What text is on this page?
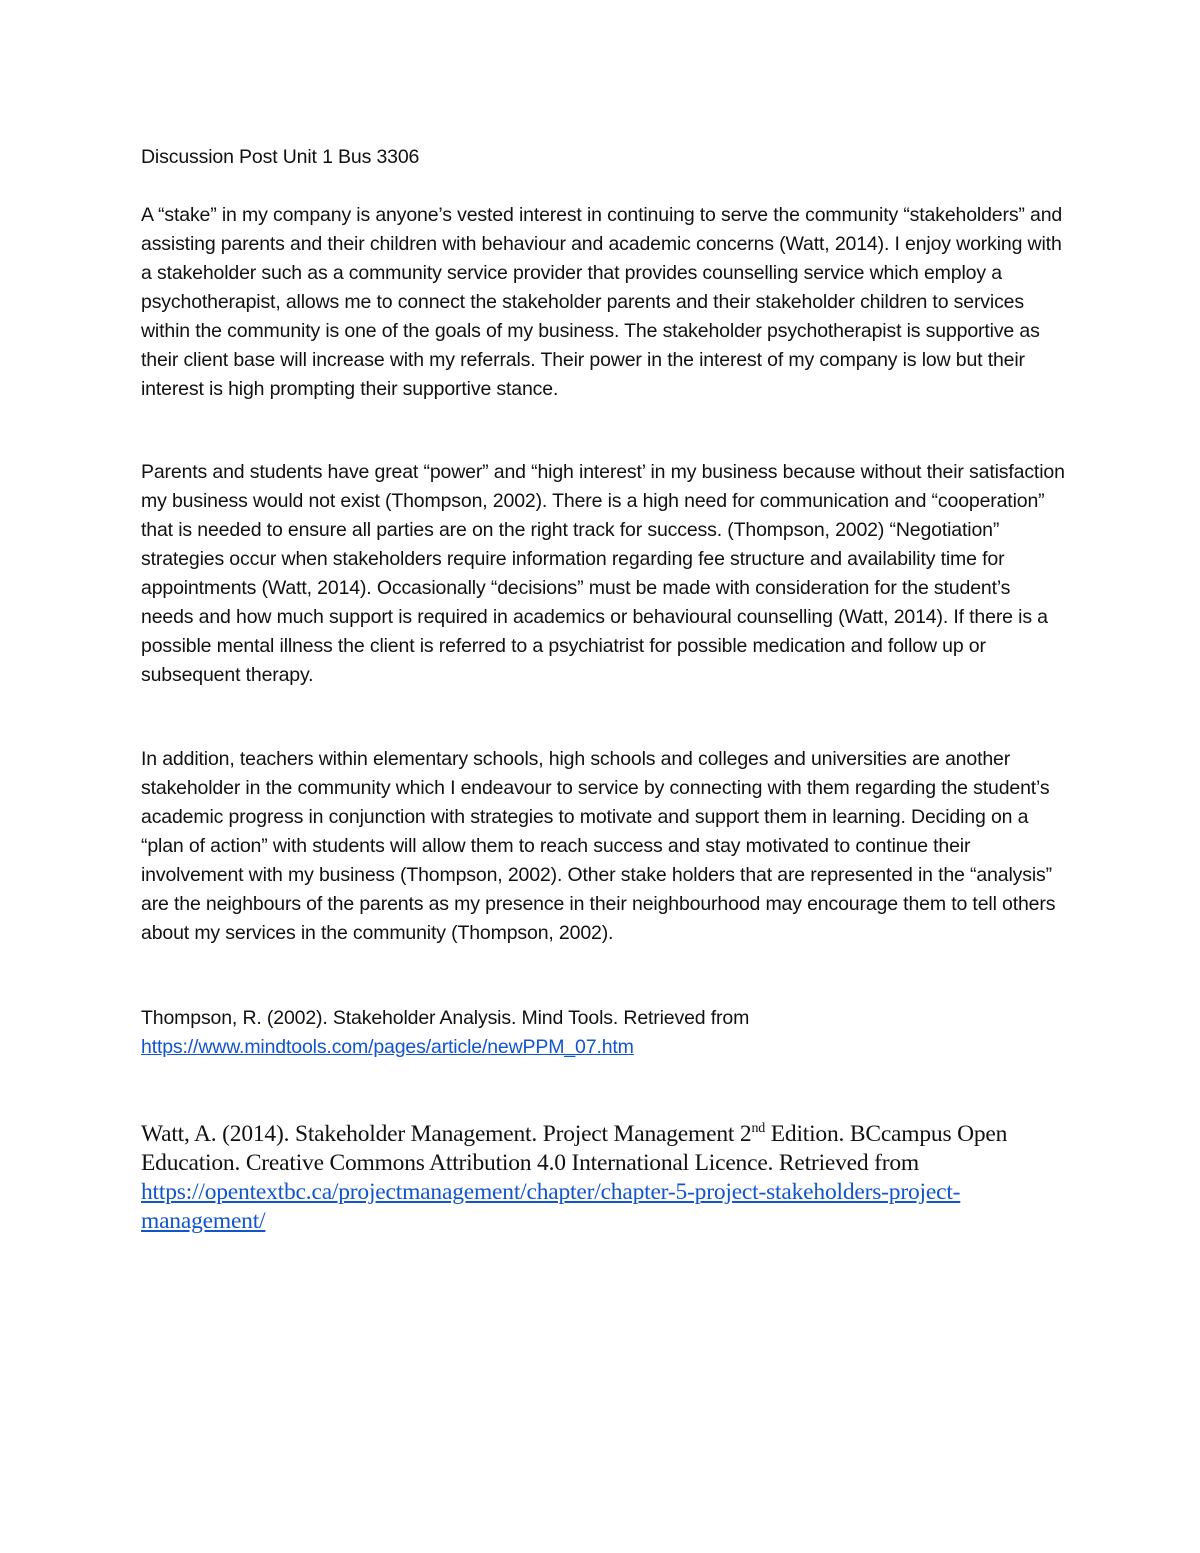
Discussion Post Unit 1 Bus 3306

A “stake” in my company is anyone’s vested interest in continuing to serve the community “stakeholders” and assisting parents and their children with behaviour and academic concerns (Watt, 2014). I enjoy working with a stakeholder such as a community service provider that provides counselling service which employ a psychotherapist, allows me to connect the stakeholder parents and their stakeholder children to services within the community is one of the goals of my business. The stakeholder psychotherapist is supportive as their client base will increase with my referrals. Their power in the interest of my company is low but their interest is high prompting their supportive stance.

Parents and students have great “power” and “high interest’ in my business because without their satisfaction my business would not exist (Thompson, 2002). There is a high need for communication and “cooperation” that is needed to ensure all parties are on the right track for success. (Thompson, 2002) “Negotiation” strategies occur when stakeholders require information regarding fee structure and availability time for appointments (Watt, 2014). Occasionally “decisions” must be made with consideration for the student’s needs and how much support is required in academics or behavioural counselling (Watt, 2014). If there is a possible mental illness the client is referred to a psychiatrist for possible medication and follow up or subsequent therapy.

In addition, teachers within elementary schools, high schools and colleges and universities are another stakeholder in the community which I endeavour to service by connecting with them regarding the student’s academic progress in conjunction with strategies to motivate and support them in learning. Deciding on a “plan of action” with students will allow them to reach success and stay motivated to continue their involvement with my business (Thompson, 2002). Other stake holders that are represented in the “analysis” are the neighbours of the parents as my presence in their neighbourhood may encourage them to tell others about my services in the community (Thompson, 2002).

Thompson, R. (2002). Stakeholder Analysis. Mind Tools. Retrieved from
https://www.mindtools.com/pages/article/newPPM_07.htm

Watt, A. (2014). Stakeholder Management. Project Management 2nd Edition. BCcampus Open Education. Creative Commons Attribution 4.0 International Licence. Retrieved from https://opentextbc.ca/projectmanagement/chapter/chapter-5-project-stakeholders-project-management/
